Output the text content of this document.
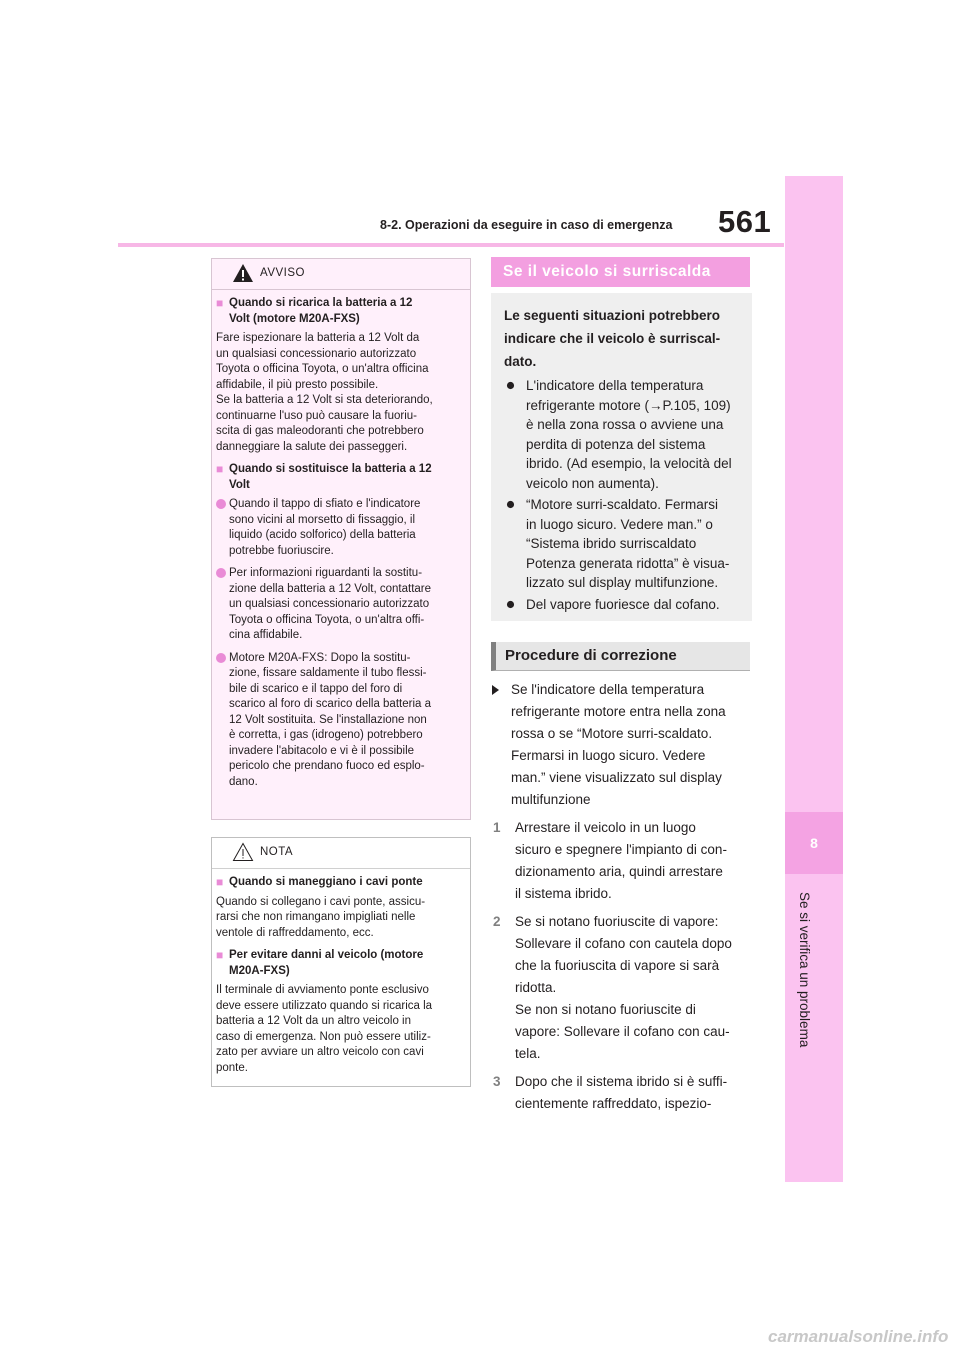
8-2. Operazioni da eseguire in caso di emergenza 561
8
Se si verifica un problema
AVVISO
■ Quando si ricarica la batteria a 12
Volt (motore M20A-FXS)
Fare ispezionare la batteria a 12 Volt da
un qualsiasi concessionario autorizzato
Toyota o officina Toyota, o un'altra officina
affidabile, il più presto possibile.
Se la batteria a 12 Volt si sta deteriorando,
continuarne l'uso può causare la fuoriu-
scita di gas maleodoranti che potrebbero
danneggiare la salute dei passeggeri.
■ Quando si sostituisce la batteria a 12
Volt
Quando il tappo di sfiato e l'indicatore
sono vicini al morsetto di fissaggio, il
liquido (acido solforico) della batteria
potrebbe fuoriuscire.
Per informazioni riguardanti la sostitu-
zione della batteria a 12 Volt, contattare
un qualsiasi concessionario autorizzato
Toyota o officina Toyota, o un'altra offi-
cina affidabile.
Motore M20A-FXS: Dopo la sostitu-
zione, fissare saldamente il tubo flessi-
bile di scarico e il tappo del foro di
scarico al foro di scarico della batteria a
12 Volt sostituita. Se l'installazione non
è corretta, i gas (idrogeno) potrebbero
invadere l'abitacolo e vi è il possibile
pericolo che prendano fuoco ed esplo-
dano.
NOTA
■ Quando si maneggiano i cavi ponte
Quando si collegano i cavi ponte, assicu-
rarsi che non rimangano impigliati nelle
ventole di raffreddamento, ecc.
■ Per evitare danni al veicolo (motore
M20A-FXS)
Il terminale di avviamento ponte esclusivo
deve essere utilizzato quando si ricarica la
batteria a 12 Volt da un altro veicolo in
caso di emergenza. Non può essere utiliz-
zato per avviare un altro veicolo con cavi
ponte.
Se il veicolo si surriscalda
Le seguenti situazioni potrebbero
indicare che il veicolo è surriscal-
dato.
L'indicatore della temperatura
refrigerante motore (→P.105, 109)
è nella zona rossa o avviene una
perdita di potenza del sistema
ibrido. (Ad esempio, la velocità del
veicolo non aumenta).
“Motore surri-scaldato. Fermarsi
in luogo sicuro. Vedere man.” o
“Sistema ibrido surriscaldato
Potenza generata ridotta” è visua-
lizzato sul display multifunzione.
Del vapore fuoriesce dal cofano.
Procedure di correzione
Se l'indicatore della temperatura
refrigerante motore entra nella zona
rossa o se “Motore surri-scaldato.
Fermarsi in luogo sicuro. Vedere
man.” viene visualizzato sul display
multifunzione
1 Arrestare il veicolo in un luogo
sicuro e spegnere l'impianto di con-
dizionamento aria, quindi arrestare
il sistema ibrido.
2 Se si notano fuoriuscite di vapore:
Sollevare il cofano con cautela dopo
che la fuoriuscita di vapore si sarà
ridotta.
Se non si notano fuoriuscite di
vapore: Sollevare il cofano con cau-
tela.
3 Dopo che il sistema ibrido si è suffi-
cientemente raffreddato, ispezio-
carmanualsonline.info
